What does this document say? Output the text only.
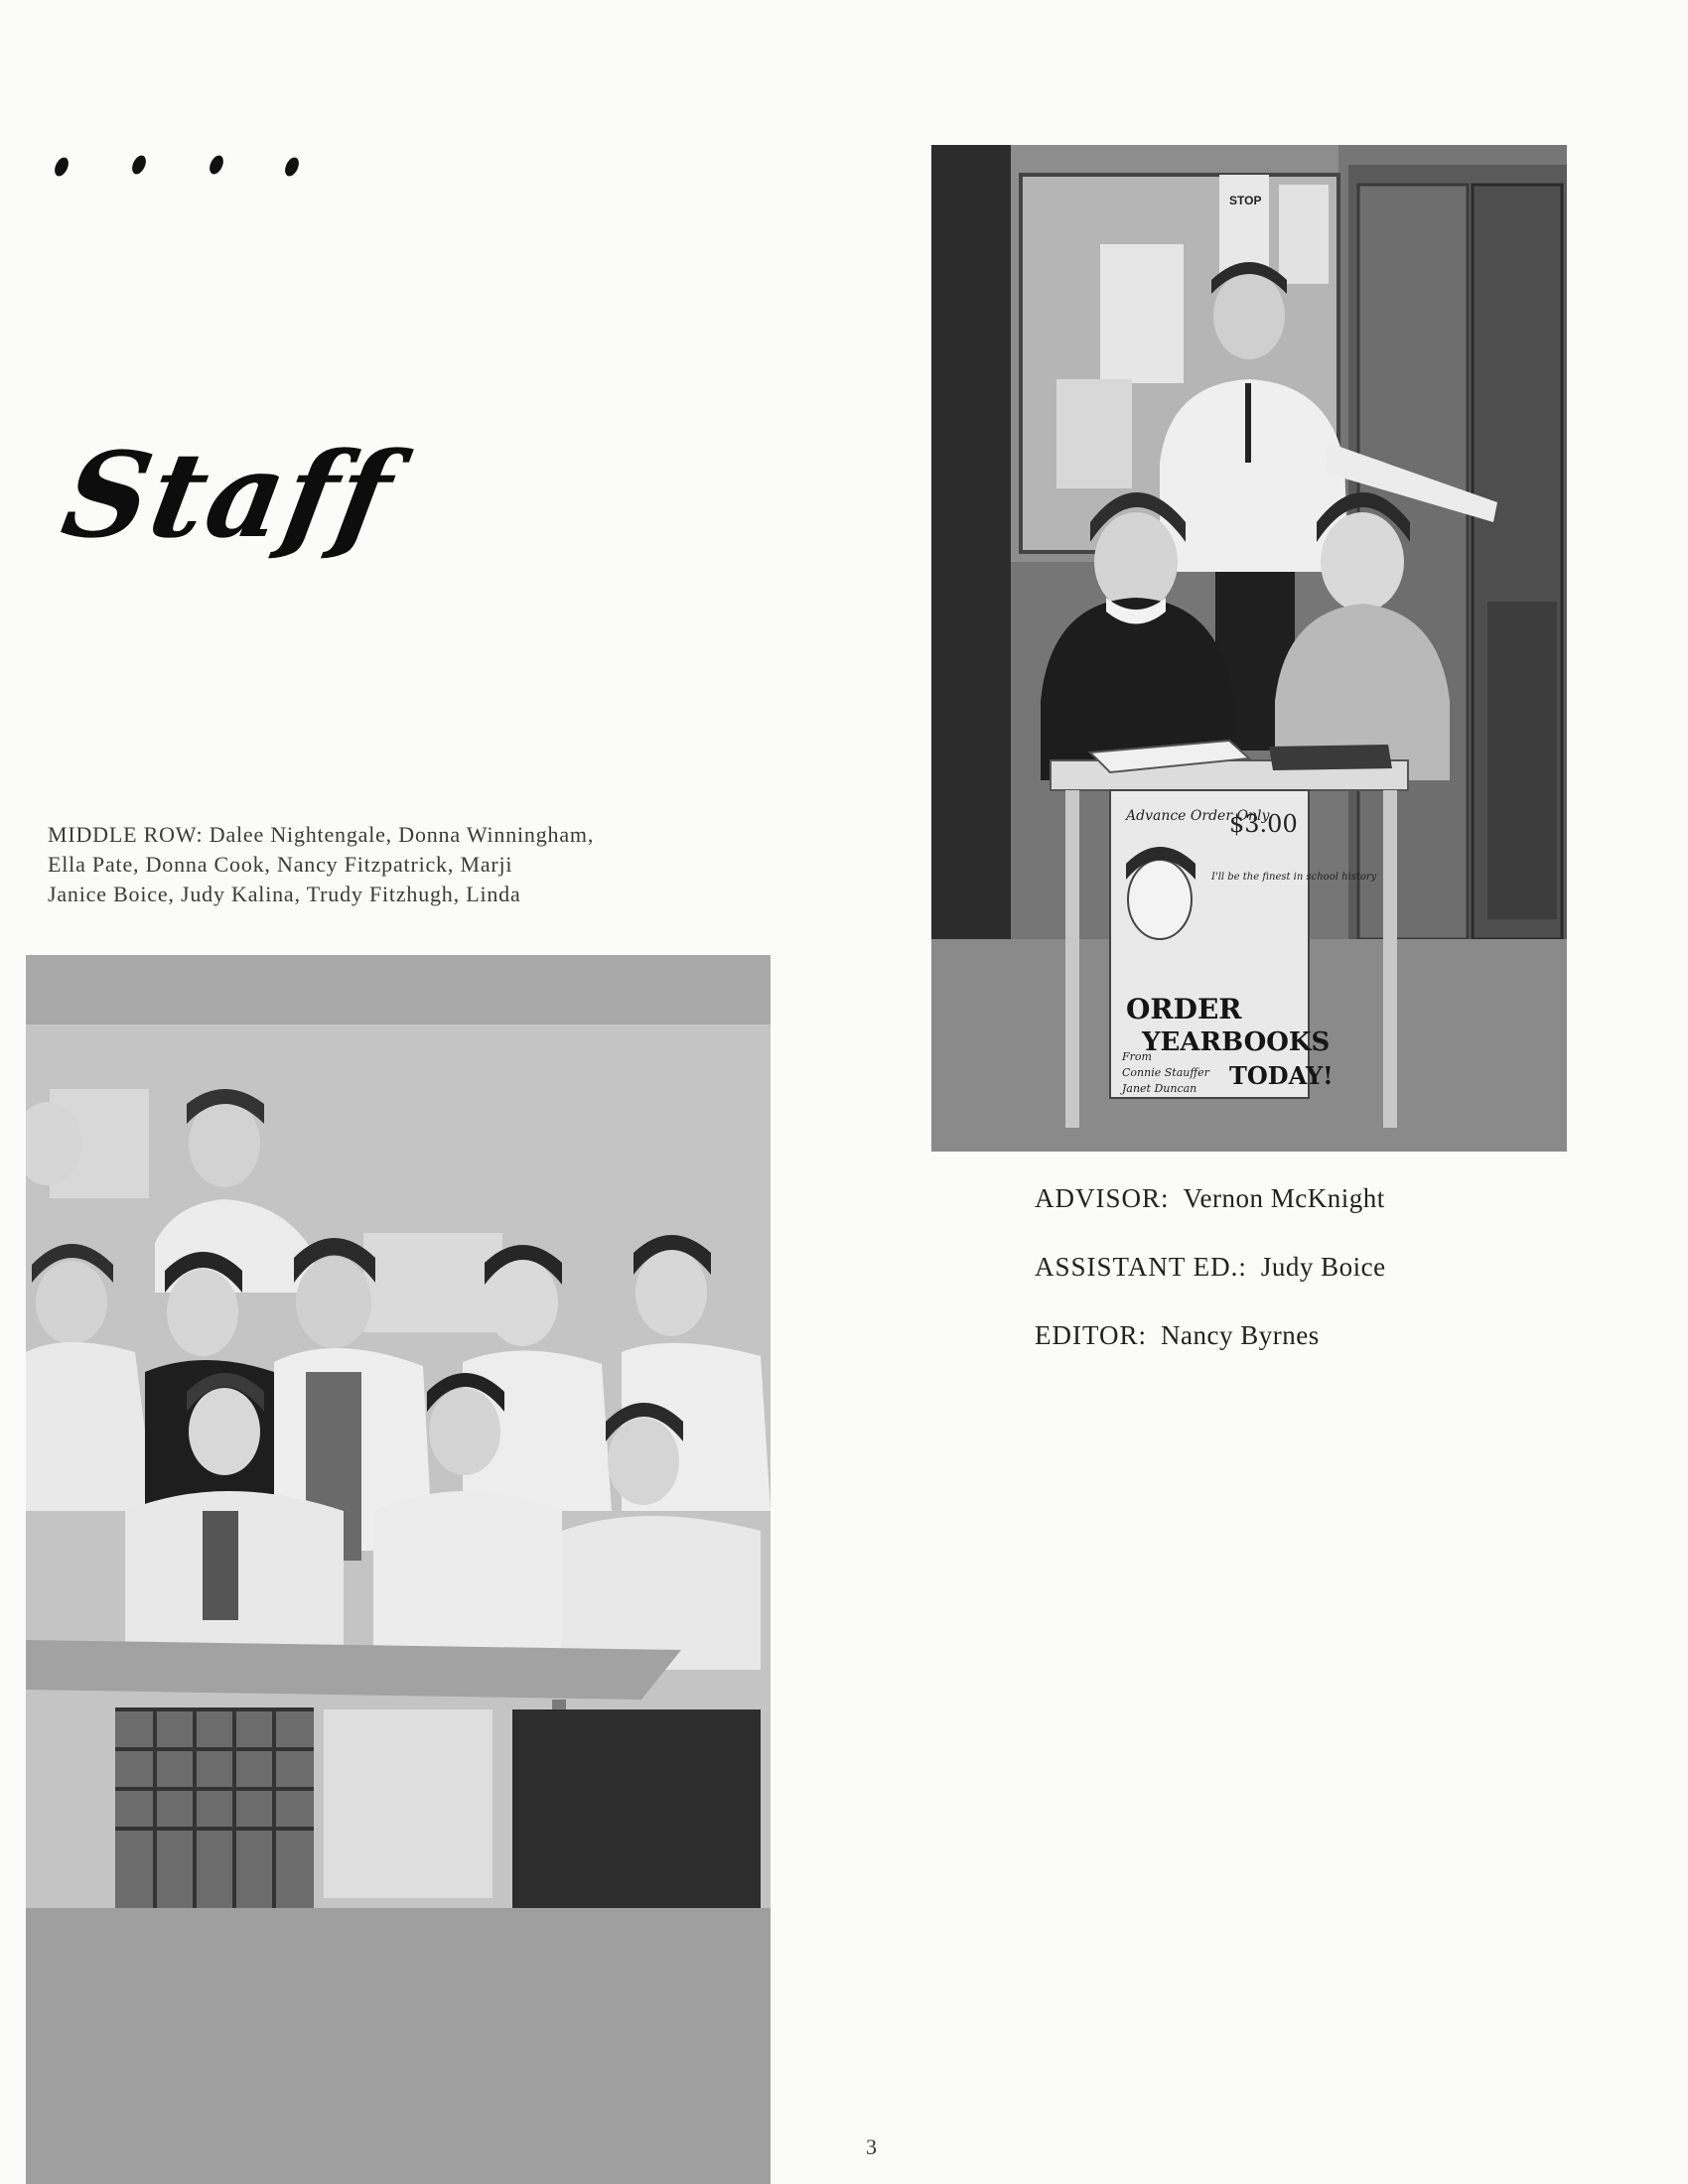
Staff
MIDDLE ROW: Dalee Nightengale, Donna Winningham,
Ella Pate, Donna Cook, Nancy Fitzpatrick, Marji
Janice Boice, Judy Kalina, Trudy Fitzhugh, Linda
STOP
Advance Order Only
$3.00
I'll be the finest in school history
ORDER
YEARBOOKS
TODAY!
From
Connie Stauffer
Janet Duncan
ADVISOR: Vernon McKnight
ASSISTANT ED.: Judy Boice
EDITOR: Nancy Byrnes
3
